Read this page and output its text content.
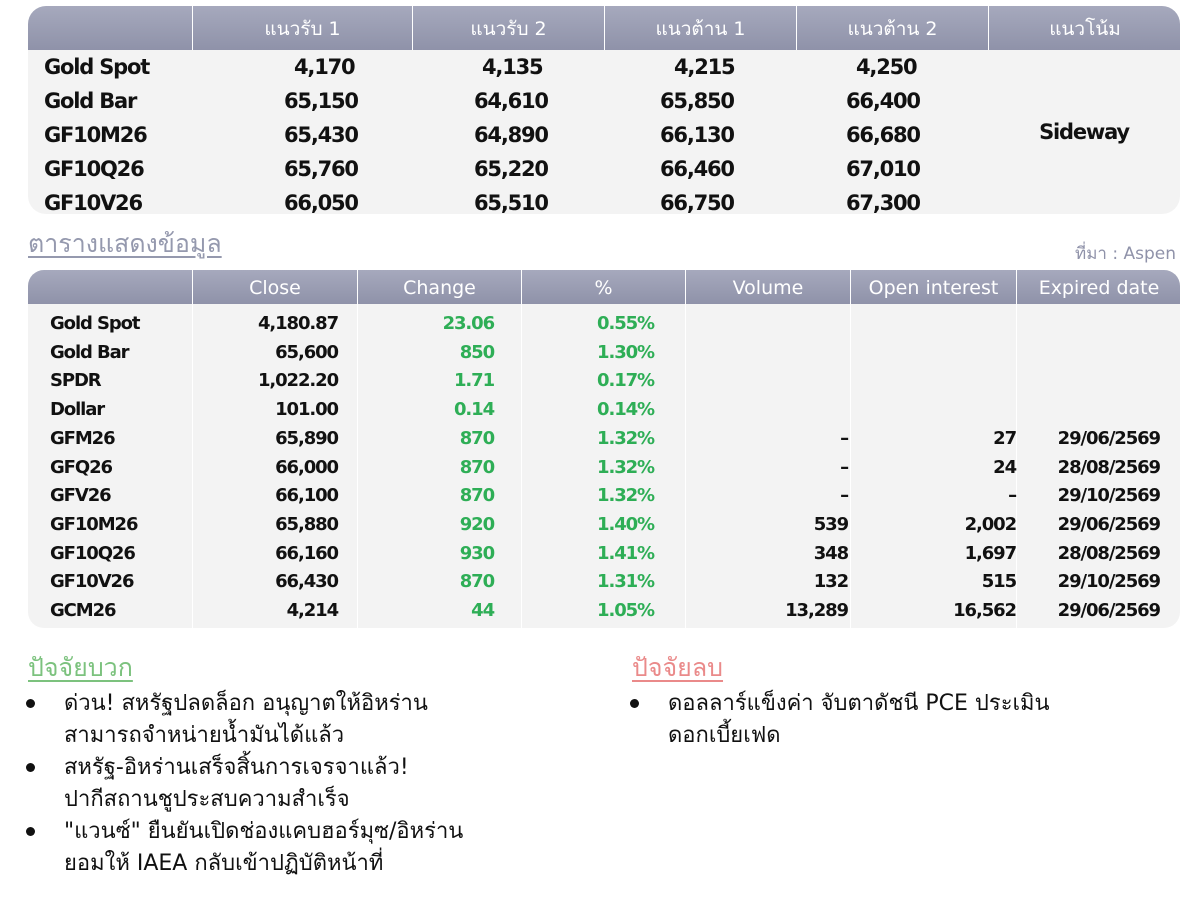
แนวรับ 1	แนวรับ 2	แนวต้าน 1	แนวต้าน 2	แนวโน้ม
Gold Spot	4,170	4,135	4,215	4,250
Gold Bar	65,150	64,610	65,850	66,400
GF10M26	65,430	64,890	66,130	66,680
GF10Q26	65,760	65,220	66,460	67,010
GF10V26	66,050	65,510	66,750	67,300
Sideway
ตารางแสดงข้อมูล	ที่มา : Aspen
Close	Change	%	Volume	Open interest	Expired date
Gold Spot	4,180.87	23.06	0.55%
Gold Bar	65,600	850	1.30%
SPDR	1,022.20	1.71	0.17%
Dollar	101.00	0.14	0.14%
GFM26	65,890	870	1.32%	–	27 29/06/2569
GFQ26	66,000	870	1.32%	–	24 28/08/2569
GFV26	66,100	870	1.32%	–	– 29/10/2569
GF10M26	65,880	920	1.40%	539	2,002 29/06/2569
GF10Q26	66,160	930	1.41%	348	1,697 28/08/2569
GF10V26	66,430	870	1.31%	132	515 29/10/2569
GCM26	4,214	44	1.05%	13,289	16,562 29/06/2569
ปัจจัยบวก
ด่วน! สหรัฐปลดล็อก อนุญาตให้อิหร่าน
สามารถจำหน่ายน้ำมันได้แล้ว
สหรัฐ-อิหร่านเสร็จสิ้นการเจรจาแล้ว!
ปากีสถานชูประสบความสำเร็จ
"แวนซ์" ยืนยันเปิดช่องแคบฮอร์มุซ/อิหร่าน
ยอมให้ IAEA กลับเข้าปฏิบัติหน้าที่
ปัจจัยลบ
ดอลลาร์แข็งค่า จับตาดัชนี PCE ประเมิน
ดอกเบี้ยเฟด
